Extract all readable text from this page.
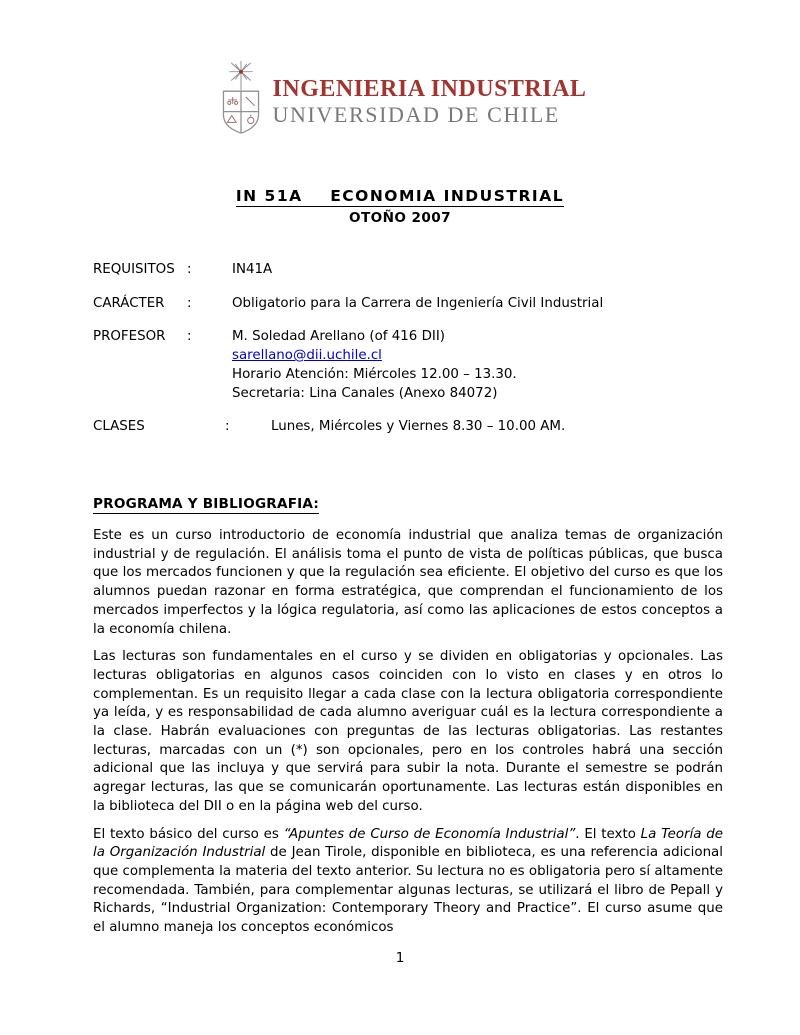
INGENIERIA INDUSTRIAL
UNIVERSIDAD DE CHILE
IN 51A    ECONOMIA INDUSTRIAL
OTOÑO 2007
REQUISITOS :	IN41A
CARÁCTER	:	Obligatorio para la Carrera de Ingeniería Civil Industrial
PROFESOR	:	M. Soledad Arellano (of 416 DII)
sarellano@dii.uchile.cl
Horario Atención: Miércoles 12.00 – 13.30.
Secretaria: Lina Canales (Anexo 84072)
CLASES	:	Lunes, Miércoles y Viernes 8.30 – 10.00 AM.
PROGRAMA Y BIBLIOGRAFIA:

Este es un curso introductorio de economía industrial que analiza temas de organización industrial y de regulación. El análisis toma el punto de vista de políticas públicas, que busca que los mercados funcionen y que la regulación sea eficiente. El objetivo del curso es que los alumnos puedan razonar en forma estratégica, que comprendan el funcionamiento de los mercados imperfectos y la lógica regulatoria, así como las aplicaciones de estos conceptos a la economía chilena.

Las lecturas son fundamentales en el curso y se dividen en obligatorias y opcionales. Las lecturas obligatorias en algunos casos coinciden con lo visto en clases y en otros lo complementan. Es un requisito llegar a cada clase con la lectura obligatoria correspondiente ya leída, y es responsabilidad de cada alumno averiguar cuál es la lectura correspondiente a la clase. Habrán evaluaciones con preguntas de las lecturas obligatorias. Las restantes lecturas, marcadas con un (*) son opcionales, pero en los controles habrá una sección adicional que las incluya y que servirá para subir la nota. Durante el semestre se podrán agregar lecturas, las que se comunicarán oportunamente. Las lecturas están disponibles en la biblioteca del DII o en la página web del curso.

El texto básico del curso es “Apuntes de Curso de Economía Industrial”. El texto La Teoría de la Organización Industrial de Jean Tirole, disponible en biblioteca, es una referencia adicional que complementa la materia del texto anterior. Su lectura no es obligatoria pero sí altamente recomendada. También, para complementar algunas lecturas, se utilizará el libro de Pepall y Richards, “Industrial Organization: Contemporary Theory and Practice”. El curso asume que el alumno maneja los conceptos económicos

1
